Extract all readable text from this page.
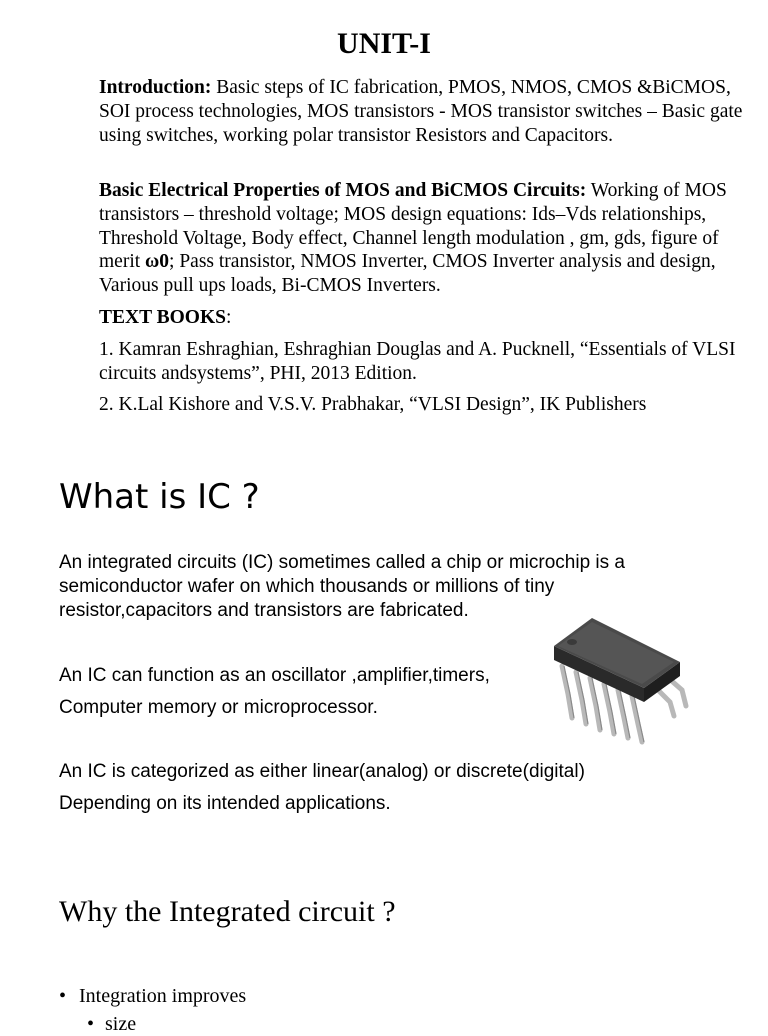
UNIT-I
Introduction: Basic steps of IC fabrication, PMOS, NMOS, CMOS &BiCMOS, SOI process technologies, MOS transistors - MOS transistor switches – Basic gate using switches, working polar transistor Resistors and Capacitors.
Basic Electrical Properties of MOS and BiCMOS Circuits: Working of MOS transistors – threshold voltage; MOS design equations: Ids–Vds relationships, Threshold Voltage, Body effect, Channel length modulation , gm, gds, figure of merit ω0; Pass transistor, NMOS Inverter, CMOS Inverter analysis and design, Various pull ups loads, Bi-CMOS Inverters.
TEXT BOOKS:
1. Kamran Eshraghian, Eshraghian Douglas and A. Pucknell, “Essentials of VLSI circuits andsystems”, PHI, 2013 Edition.
2. K.Lal Kishore and V.S.V. Prabhakar, “VLSI Design”, IK Publishers
What is IC ?
An integrated circuits (IC) sometimes called a chip or microchip is a semiconductor wafer on which thousands or millions of tiny resistor,capacitors and transistors are fabricated.
An IC can function as an oscillator ,amplifier,timers,
Computer memory or microprocessor.
An IC is categorized as either linear(analog) or discrete(digital)
Depending on its intended applications.
Why the Integrated circuit ?
• Integration improves
• size
